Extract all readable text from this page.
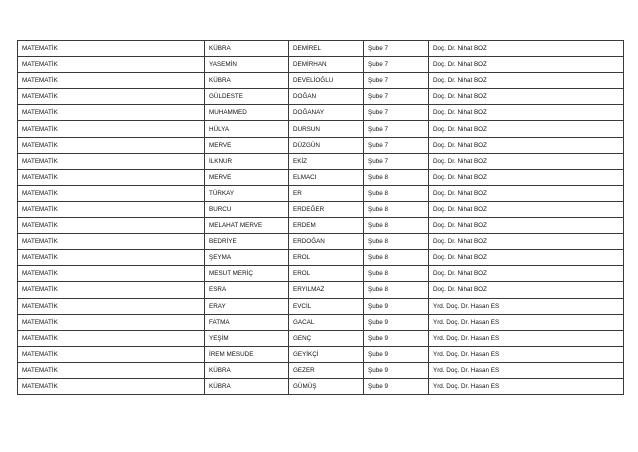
MATEMATİK	KÜBRA	DEMİREL	Şube 7	Doç. Dr. Nihat BOZ
MATEMATİK	YASEMİN	DEMİRHAN	Şube 7	Doç. Dr. Nihat BOZ
MATEMATİK	KÜBRA	DEVELİOĞLU	Şube 7	Doç. Dr. Nihat BOZ
MATEMATİK	GÜLDESTE	DOĞAN	Şube 7	Doç. Dr. Nihat BOZ
MATEMATİK	MUHAMMED	DOĞANAY	Şube 7	Doç. Dr. Nihat BOZ
MATEMATİK	HÜLYA	DURSUN	Şube 7	Doç. Dr. Nihat BOZ
MATEMATİK	MERVE	DÜZGÜN	Şube 7	Doç. Dr. Nihat BOZ
MATEMATİK	İLKNUR	EKİZ	Şube 7	Doç. Dr. Nihat BOZ
MATEMATİK	MERVE	ELMACI	Şube 8	Doç. Dr. Nihat BOZ
MATEMATİK	TÜRKAY	ER	Şube 8	Doç. Dr. Nihat BOZ
MATEMATİK	BURCU	ERDEĞER	Şube 8	Doç. Dr. Nihat BOZ
MATEMATİK	MELAHAT MERVE	ERDEM	Şube 8	Doç. Dr. Nihat BOZ
MATEMATİK	BEDRİYE	ERDOĞAN	Şube 8	Doç. Dr. Nihat BOZ
MATEMATİK	ŞEYMA	EROL	Şube 8	Doç. Dr. Nihat BOZ
MATEMATİK	MESUT MERİÇ	EROL	Şube 8	Doç. Dr. Nihat BOZ
MATEMATİK	ESRA	ERYILMAZ	Şube 8	Doç. Dr. Nihat BOZ
MATEMATİK	ERAY	EVCİL	Şube 9	Yrd. Doç. Dr. Hasan ES
MATEMATİK	FATMA	GACAL	Şube 9	Yrd. Doç. Dr. Hasan ES
MATEMATİK	YEŞİM	GENÇ	Şube 9	Yrd. Doç. Dr. Hasan ES
MATEMATİK	İREM MESUDE	GEYİKÇİ	Şube 9	Yrd. Doç. Dr. Hasan ES
MATEMATİK	KÜBRA	GEZER	Şube 9	Yrd. Doç. Dr. Hasan ES
MATEMATİK	KÜBRA	GÜMÜŞ	Şube 9	Yrd. Doç. Dr. Hasan ES
